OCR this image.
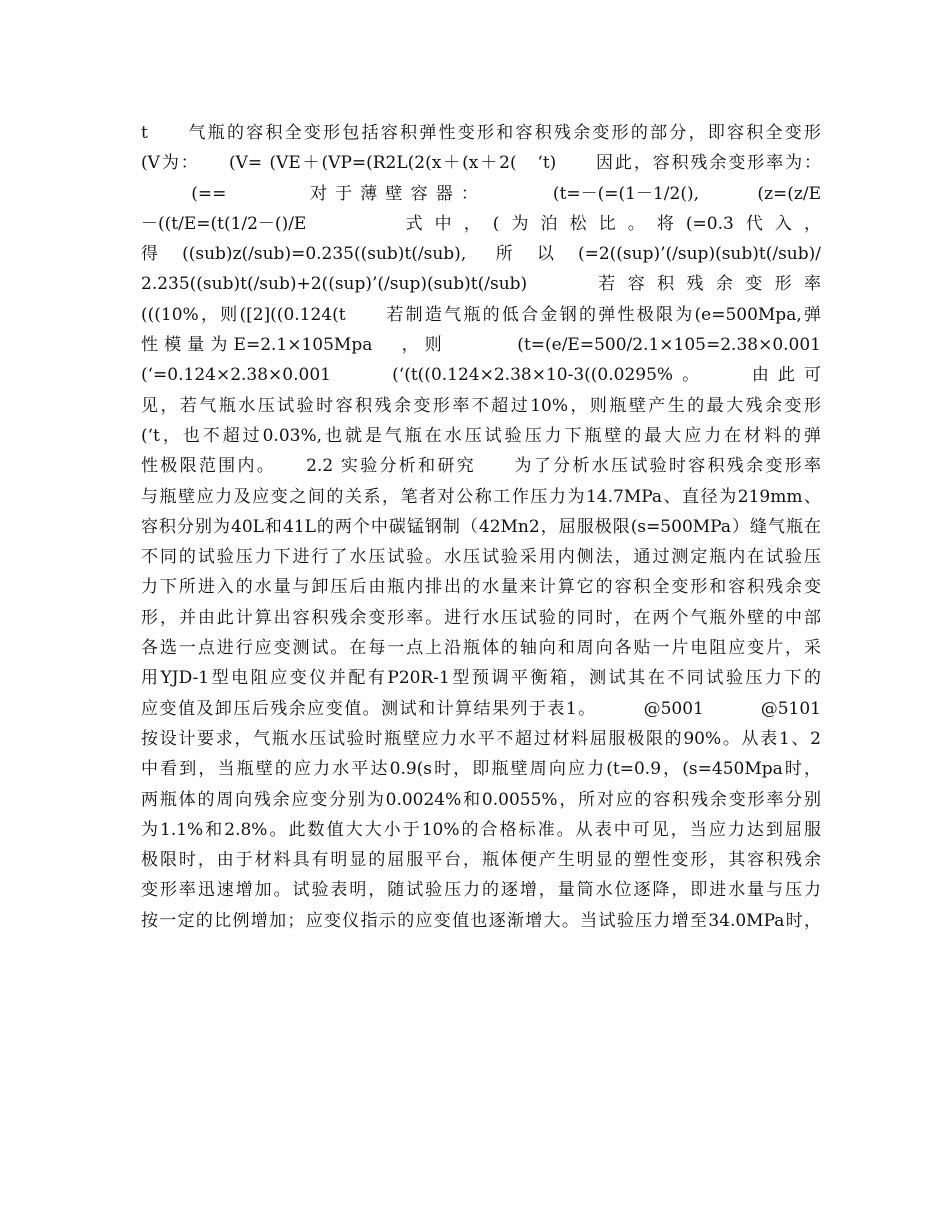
t　　气瓶的容积全变形包括容积弹性变形和容积残余变形的部分，即容积全变形
(V为：　　(V= (VE＋(VP=(R2L(2(x＋(x＋2(　‘t)　　因此，容积残余变形率为：
　　(==　　　对于薄壁容器：　　　(t=－(=(1－1/2(),　　(z=(z/E
－((t/E=(t(1/2－()/E　　　式中，(为泊松比。将(=0.3代入，
得((sub)z(/sub)=0.235((sub)t(/sub), 所以(=2((sup)’(/sup)(sub)t(/sub)/
2.235((sub)t(/sub)+2((sup)’(/sup)(sub)t(/sub)　　若容积残余变形率
(((10%，则([2]((0.124(t　　若制造气瓶的低合金钢的弹性极限为(e=500Mpa,弹
性模量为E=2.1×105Mpa　，则　　　(t=(e/E=500/2.1×105=2.38×0.001
(‘=0.124×2.38×0.001　　(‘(t((0.124×2.38×10-3((0.0295%。　　由此可
见，若气瓶水压试验时容积残余变形率不超过10%，则瓶壁产生的最大残余变形
(‘t，也不超过0.03%,也就是气瓶在水压试验压力下瓶壁的最大应力在材料的弹
性极限范围内。　　2.2 实验分析和研究　　为了分析水压试验时容积残余变形率
与瓶壁应力及应变之间的关系，笔者对公称工作压力为14.7MPa、直径为219mm、
容积分别为40L和41L的两个中碳锰钢制（42Mn2，屈服极限(s=500MPa）缝气瓶在
不同的试验压力下进行了水压试验。水压试验采用内侧法，通过测定瓶内在试验压
力下所进入的水量与卸压后由瓶内排出的水量来计算它的容积全变形和容积残余变
形，并由此计算出容积残余变形率。进行水压试验的同时，在两个气瓶外壁的中部
各选一点进行应变测试。在每一点上沿瓶体的轴向和周向各贴一片电阻应变片，采
用YJD-1型电阻应变仪并配有P20R-1型预调平衡箱，测试其在不同试验压力下的
应变值及卸压后残余应变值。测试和计算结果列于表1。　　　@5001　　　@5101
按设计要求，气瓶水压试验时瓶壁应力水平不超过材料屈服极限的90%。从表1、2
中看到，当瓶壁的应力水平达0.9(s时，即瓶壁周向应力(t=0.9，(s=450Mpa时，
两瓶体的周向残余应变分别为0.0024%和0.0055%，所对应的容积残余变形率分别
为1.1%和2.8%。此数值大大小于10%的合格标准。从表中可见，当应力达到屈服
极限时，由于材料具有明显的屈服平台，瓶体便产生明显的塑性变形，其容积残余
变形率迅速增加。试验表明，随试验压力的逐增，量筒水位逐降，即进水量与压力
按一定的比例增加；应变仪指示的应变值也逐渐增大。当试验压力增至34.0MPa时，
